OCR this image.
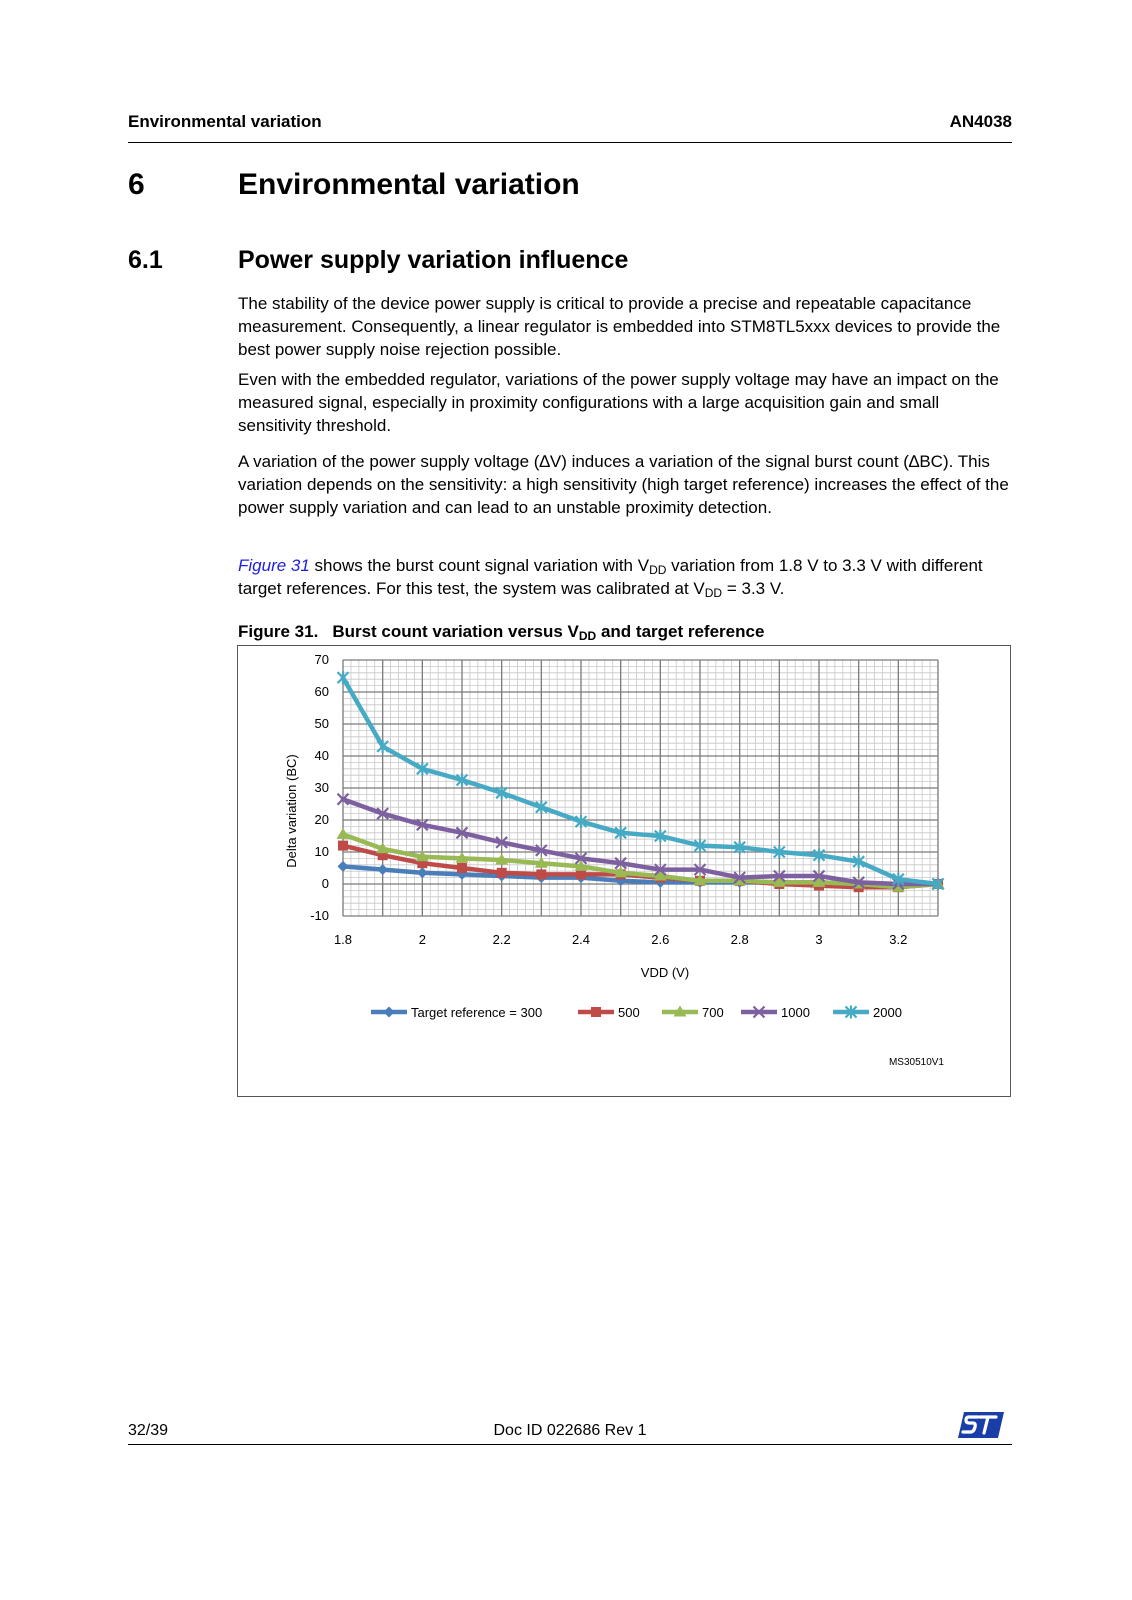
Environmental variation	AN4038
6	Environmental variation
6.1	Power supply variation influence

The stability of the device power supply is critical to provide a precise and repeatable capacitance measurement. Consequently, a linear regulator is embedded into STM8TL5xxx devices to provide the best power supply noise rejection possible.

Even with the embedded regulator, variations of the power supply voltage may have an impact on the measured signal, especially in proximity configurations with a large acquisition gain and small sensitivity threshold.

A variation of the power supply voltage (∆V) induces a variation of the signal burst count (∆BC). This variation depends on the sensitivity: a high sensitivity (high target reference) increases the effect of the power supply variation and can lead to an unstable proximity detection.

Figure 31 shows the burst count signal variation with $V_{DD}$ variation from 1.8 V to 3.3 V with different target references. For this test, the system was calibrated at $V_{DD} = 3.3$ V.

Figure 31. Burst count variation versus $V_{DD}$ and target reference
70
60
50
40
30
20
10
0
-10
1.8	2	2.2	2.4	2.6	2.8	3	3.2
Delta variation (BC)
VDD (V)
Target reference = 300	500	700	1000	2000
MS30510V1
32/39	Doc ID 022686 Rev 1
